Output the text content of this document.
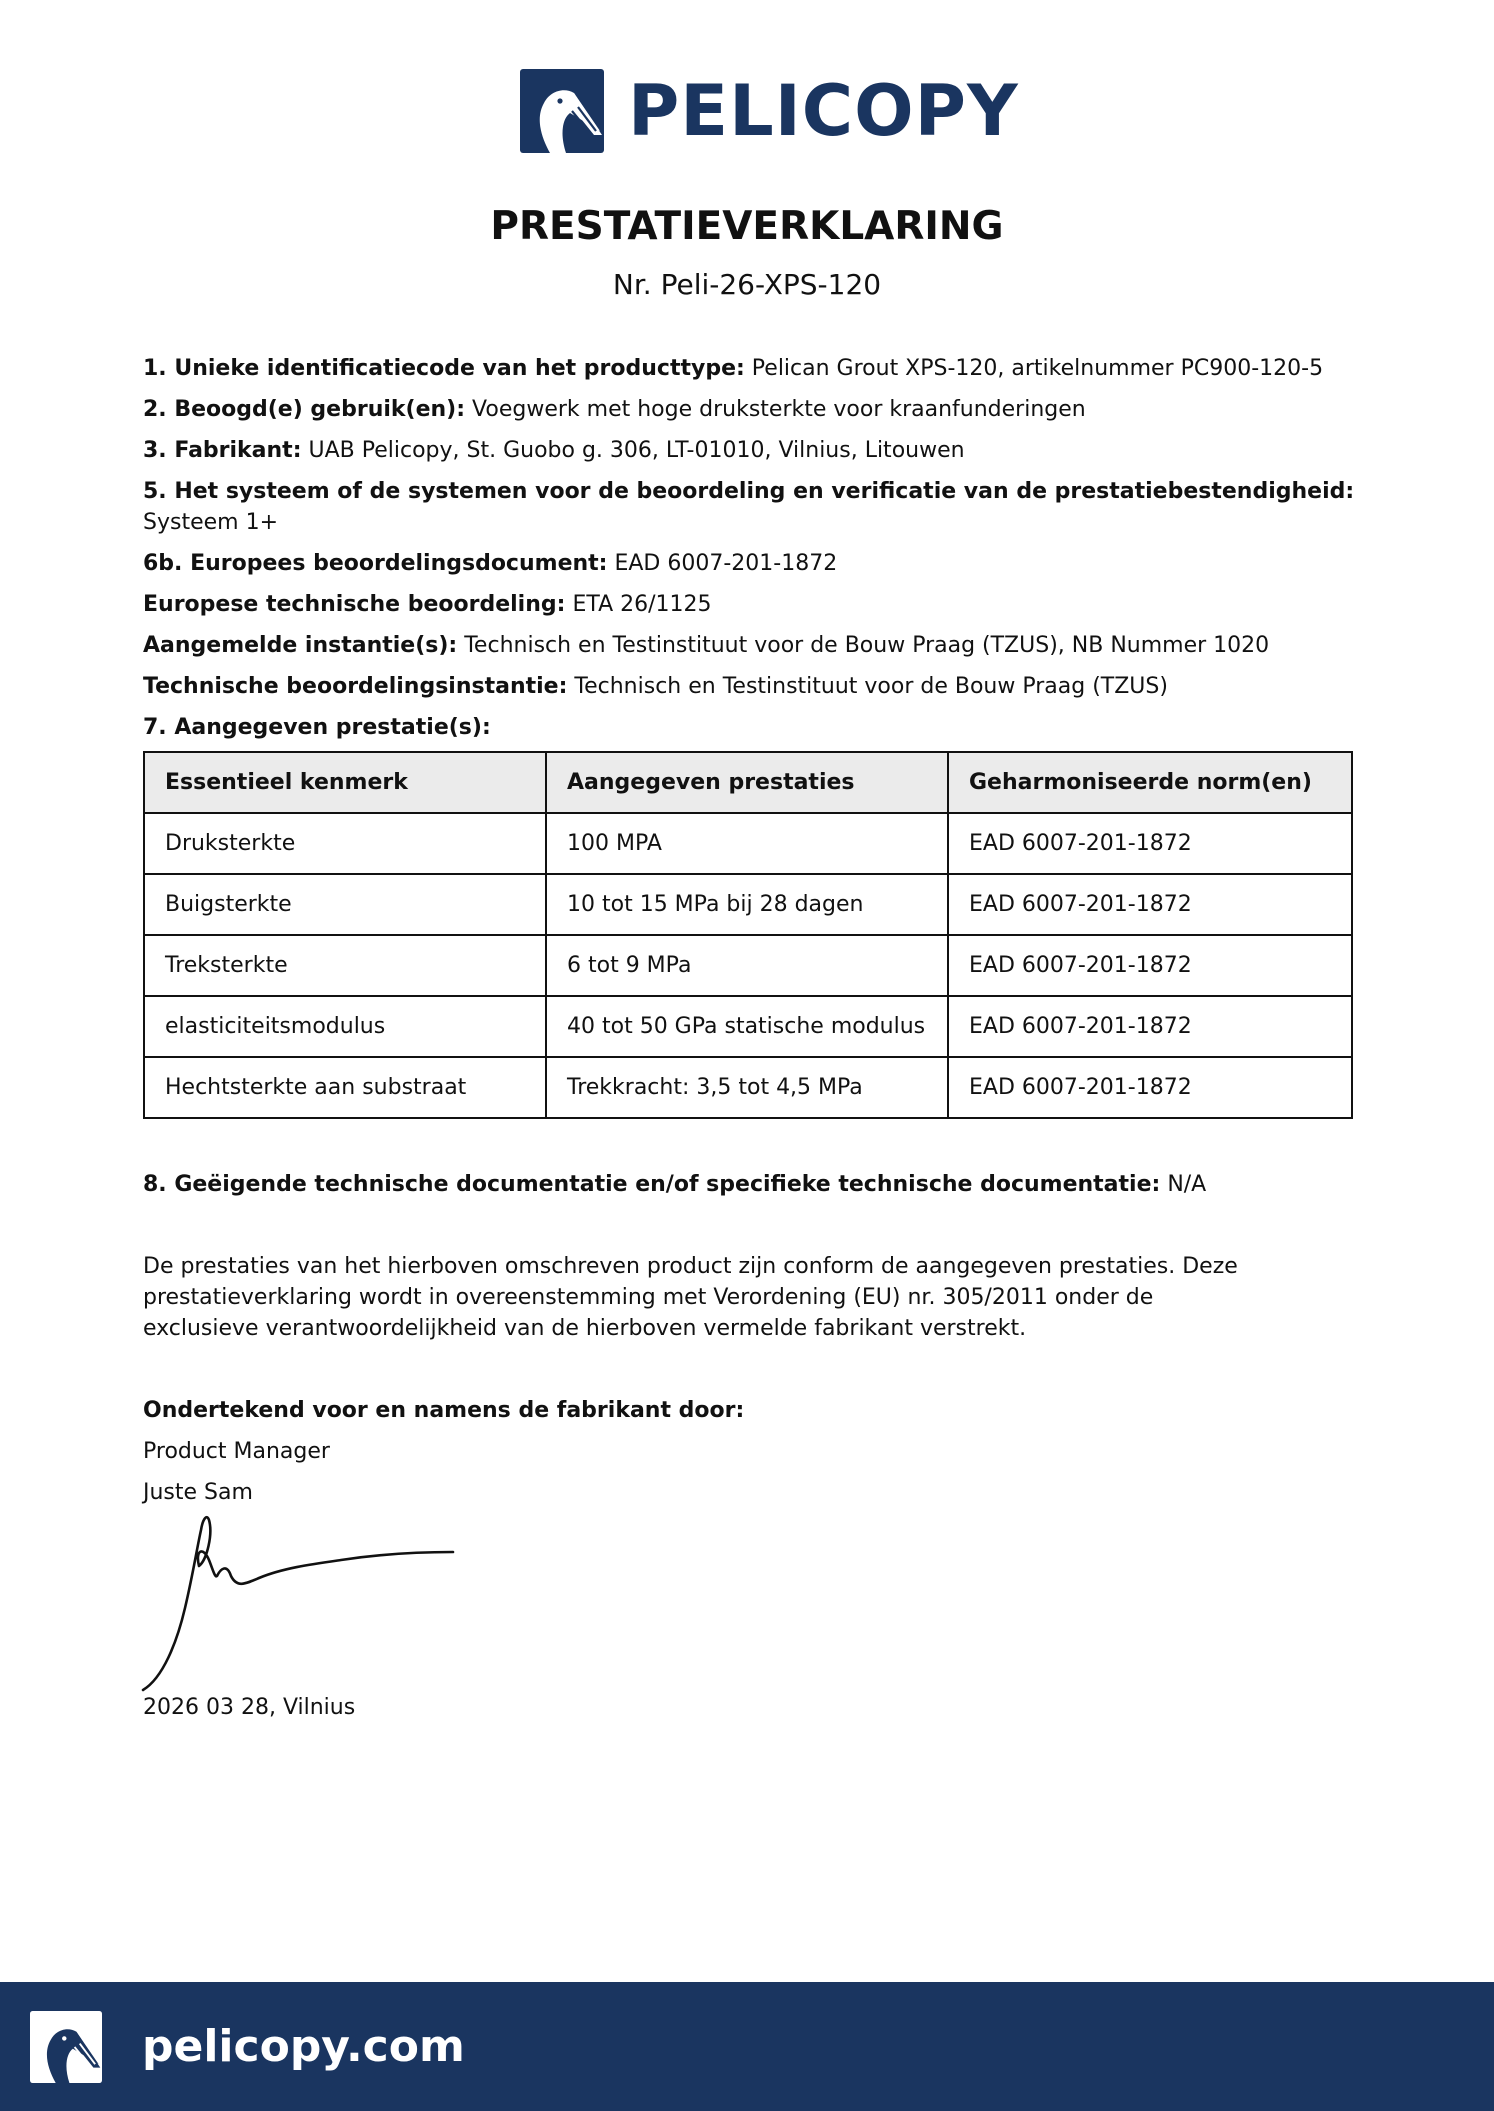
PELICOPY
PRESTATIEVERKLARING
Nr. Peli-26-XPS-120
1. Unieke identificatiecode van het producttype: Pelican Grout XPS-120, artikelnummer PC900-120-5
2. Beoogd(e) gebruik(en): Voegwerk met hoge druksterkte voor kraanfunderingen
3. Fabrikant: UAB Pelicopy, St. Guobo g. 306, LT-01010, Vilnius, Litouwen
5. Het systeem of de systemen voor de beoordeling en verificatie van de prestatiebestendigheid: Systeem 1+
6b. Europees beoordelingsdocument: EAD 6007-201-1872
Europese technische beoordeling: ETA 26/1125
Aangemelde instantie(s): Technisch en Testinstituut voor de Bouw Praag (TZUS), NB Nummer 1020
Technische beoordelingsinstantie: Technisch en Testinstituut voor de Bouw Praag (TZUS)
7. Aangegeven prestatie(s):
Essentieel kenmerk	Aangegeven prestaties	Geharmoniseerde norm(en)
Druksterkte	100 MPA	EAD 6007-201-1872
Buigsterkte	10 tot 15 MPa bij 28 dagen	EAD 6007-201-1872
Treksterkte	6 tot 9 MPa	EAD 6007-201-1872
elasticiteitsmodulus	40 tot 50 GPa statische modulus	EAD 6007-201-1872
Hechtsterkte aan substraat	Trekkracht: 3,5 tot 4,5 MPa	EAD 6007-201-1872
8. Geëigende technische documentatie en/of specifieke technische documentatie: N/A
De prestaties van het hierboven omschreven product zijn conform de aangegeven prestaties. Deze prestatieverklaring wordt in overeenstemming met Verordening (EU) nr. 305/2011 onder de exclusieve verantwoordelijkheid van de hierboven vermelde fabrikant verstrekt.
Ondertekend voor en namens de fabrikant door:
Product Manager
Juste Sam
2026 03 28, Vilnius
pelicopy.com
